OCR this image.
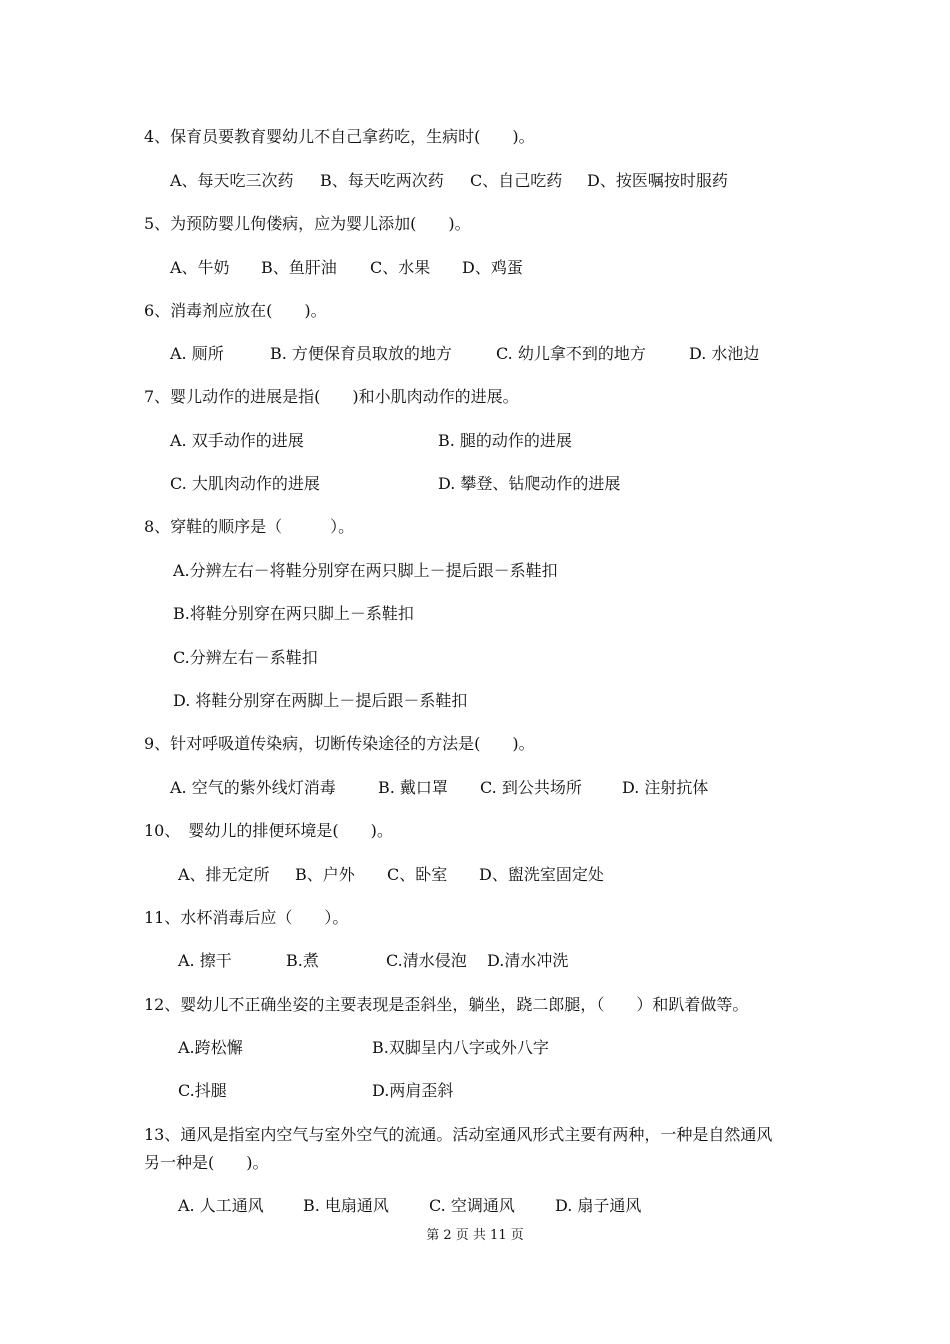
4、保育员要教育婴幼儿不自己拿药吃，生病时(　　)。
A、每天吃三次药 B、每天吃两次药 C、自己吃药 D、按医嘱按时服药
5、为预防婴儿佝偻病，应为婴儿添加(　　)。
A、牛奶 B、鱼肝油 C、水果 D、鸡蛋
6、消毒剂应放在(　　)。
A. 厕所	B. 方便保育员取放的地方	C. 幼儿拿不到的地方	D. 水池边
7、婴儿动作的进展是指(　　)和小肌肉动作的进展。
A. 双手动作的进展	B. 腿的动作的进展
C. 大肌肉动作的进展	D. 攀登、钻爬动作的进展
8、穿鞋的顺序是（　　　）。
A.分辨左右－将鞋分别穿在两只脚上－提后跟－系鞋扣
B.将鞋分别穿在两只脚上－系鞋扣
C.分辨左右－系鞋扣
D. 将鞋分别穿在两脚上－提后跟－系鞋扣
9、针对呼吸道传染病，切断传染途径的方法是(　　)。
A. 空气的紫外线灯消毒	B. 戴口罩 C. 到公共场所	D. 注射抗体
10、　婴幼儿的排便环境是(　　)。
A、排无定所 B、户外 C、卧室 D、盥洗室固定处
11、水杯消毒后应（　　）。
A. 擦干	B.煮	C.清水侵泡 D.清水冲洗
12、婴幼儿不正确坐姿的主要表现是歪斜坐，躺坐，跷二郎腿，（　　）和趴着做等。
A.跨松懈	B.双脚呈内八字或外八字
C.抖腿	D.两肩歪斜
13、通风是指室内空气与室外空气的流通。活动室通风形式主要有两种，一种是自然通风
另一种是(　　)。
A. 人工通风 B. 电扇通风	C. 空调通风	D. 扇子通风
第 2 页 共 11 页
